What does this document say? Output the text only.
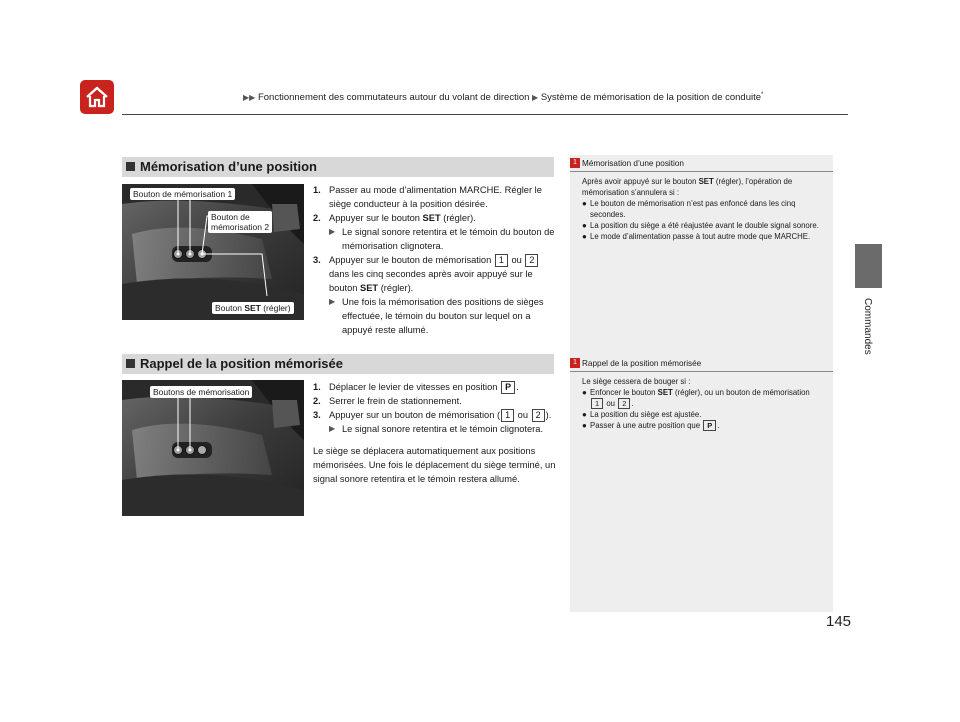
▶▶ Fonctionnement des commutateurs autour du volant de direction ▶ Système de mémorisation de la position de conduite*
Commandes
Mémorisation d’une position
Bouton de mémorisation 1
Bouton de
mémorisation 2
Bouton SET (régler)
1. Passer au mode d’alimentation MARCHE. Régler le siège conducteur à la position désirée.
2. Appuyer sur le bouton SET (régler).
▶ Le signal sonore retentira et le témoin du bouton de mémorisation clignotera.
3. Appuyer sur le bouton de mémorisation 1 ou 2 dans les cinq secondes après avoir appuyé sur le bouton SET (régler).
▶ Une fois la mémorisation des positions de sièges effectuée, le témoin du bouton sur lequel on a appuyé reste allumé.
Rappel de la position mémorisée
Boutons de mémorisation	1. Déplacer le levier de vitesses en position P .
2. Serrer le frein de stationnement.
3. Appuyer sur un bouton de mémorisation ( 1 ou 2 ).
▶ Le signal sonore retentira et le témoin clignotera.
Le siège se déplacera automatiquement aux positions mémorisées. Une fois le déplacement du siège terminé, un signal sonore retentira et le témoin restera allumé.
1 Mémorisation d’une position
Après avoir appuyé sur le bouton SET (régler), l’opération de mémorisation s’annulera si :
● Le bouton de mémorisation n’est pas enfoncé dans les cinq secondes.
● La position du siège a été réajustée avant le double signal sonore.
● Le mode d’alimentation passe à tout autre mode que MARCHE.
1 Rappel de la position mémorisée
Le siège cessera de bouger si :
● Enfoncer le bouton SET (régler), ou un bouton de mémorisation 1 ou 2 .
● La position du siège est ajustée.
● Passer à une autre position que P .
145
